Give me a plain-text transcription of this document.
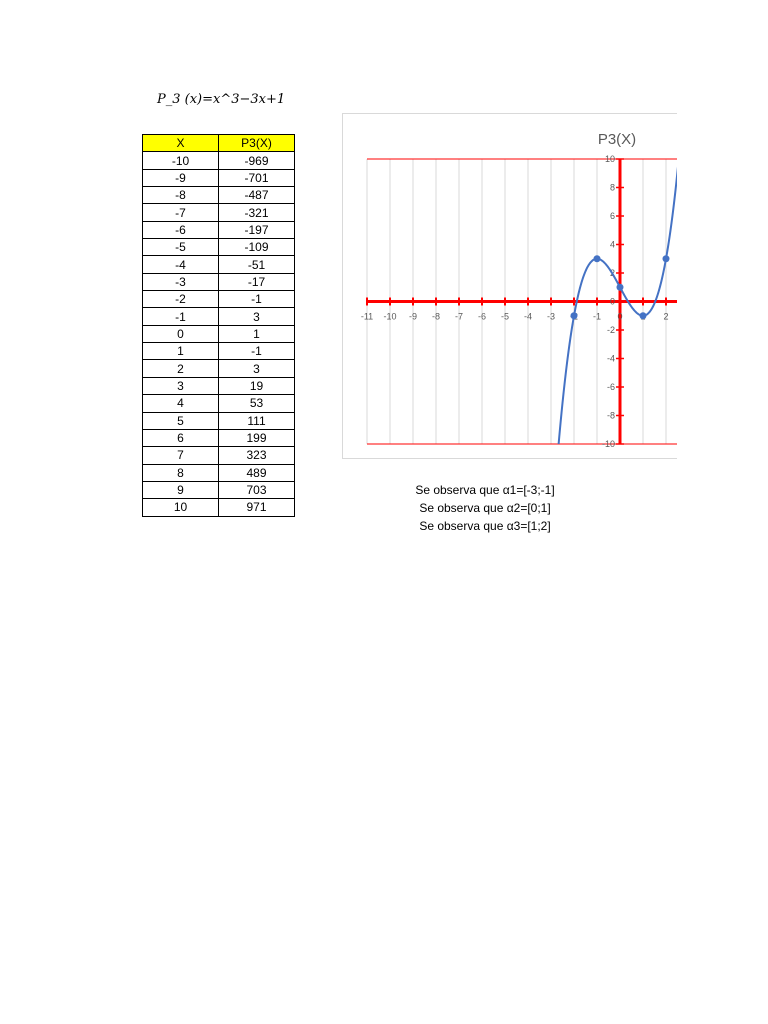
P_3 (x)=x^3−3x+1
X	P3(X)
-10	-969
-9	-701
-8	-487
-7	-321
-6	-197
-5	-109
-4	-51
-3	-17
-2	-1
-1	3
0	1
1	-1
2	3
3	19
4	53
5	111
6	199
7	323
8	489
9	703
10	971
P3(X)
-11 -10 -9 -8 -7 -6 -5 -4 -3	-1 0	2
10
8
6
4
2
0
-2
-4
-6
-8
-10
Se observa que α1=[-3;-1]
Se observa que α2=[0;1]
Se observa que α3=[1;2]
